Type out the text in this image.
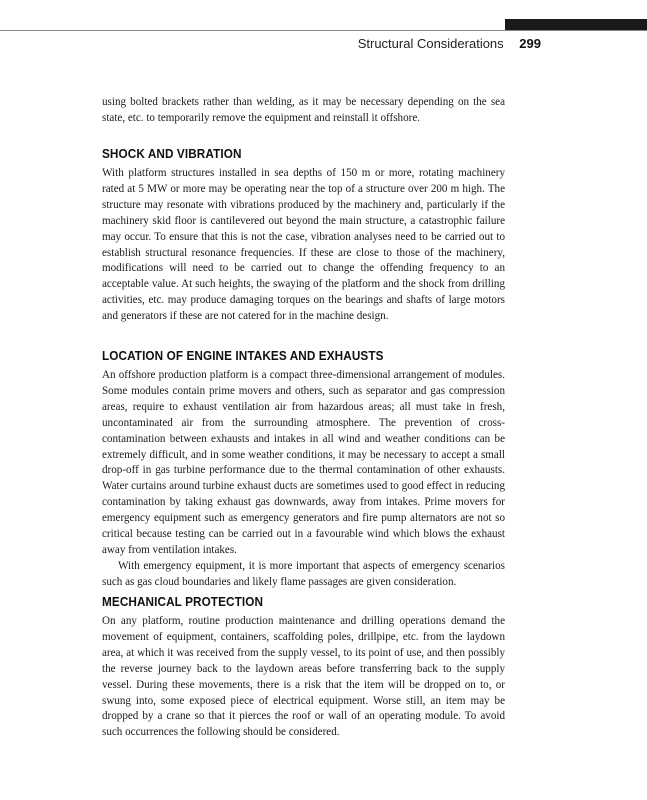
Structural Considerations 299

using bolted brackets rather than welding, as it may be necessary depending on the sea state, etc. to temporarily remove the equipment and reinstall it offshore.

SHOCK AND VIBRATION

With platform structures installed in sea depths of 150 m or more, rotating machinery rated at 5 MW or more may be operating near the top of a structure over 200 m high. The structure may resonate with vibrations produced by the machinery and, particularly if the machinery skid floor is cantilevered out beyond the main structure, a catastrophic failure may occur. To ensure that this is not the case, vibration analyses need to be carried out to establish structural resonance frequencies. If these are close to those of the machinery, modifications will need to be carried out to change the offending frequency to an acceptable value. At such heights, the swaying of the platform and the shock from drilling activities, etc. may produce damaging torques on the bearings and shafts of large motors and generators if these are not catered for in the machine design.

LOCATION OF ENGINE INTAKES AND EXHAUSTS

An offshore production platform is a compact three-dimensional arrangement of modules. Some modules contain prime movers and others, such as separator and gas compression areas, require to exhaust ventilation air from hazardous areas; all must take in fresh, uncontaminated air from the surrounding atmosphere. The prevention of cross-contamination between exhausts and intakes in all wind and weather conditions can be extremely difficult, and in some weather conditions, it may be necessary to accept a small drop-off in gas turbine performance due to the thermal contamination of other exhausts. Water curtains around turbine exhaust ducts are sometimes used to good effect in reducing contamination by taking exhaust gas downwards, away from intakes. Prime movers for emergency equipment such as emergency generators and fire pump alternators are not so critical because testing can be carried out in a favourable wind which blows the exhaust away from ventilation intakes.

With emergency equipment, it is more important that aspects of emergency scenarios such as gas cloud boundaries and likely flame passages are given consideration.

MECHANICAL PROTECTION

On any platform, routine production maintenance and drilling operations demand the movement of equipment, containers, scaffolding poles, drillpipe, etc. from the laydown area, at which it was received from the supply vessel, to its point of use, and then possibly the reverse journey back to the laydown areas before transferring back to the supply vessel. During these movements, there is a risk that the item will be dropped on to, or swung into, some exposed piece of electrical equipment. Worse still, an item may be dropped by a crane so that it pierces the roof or wall of an operating module. To avoid such occurrences the following should be considered.
